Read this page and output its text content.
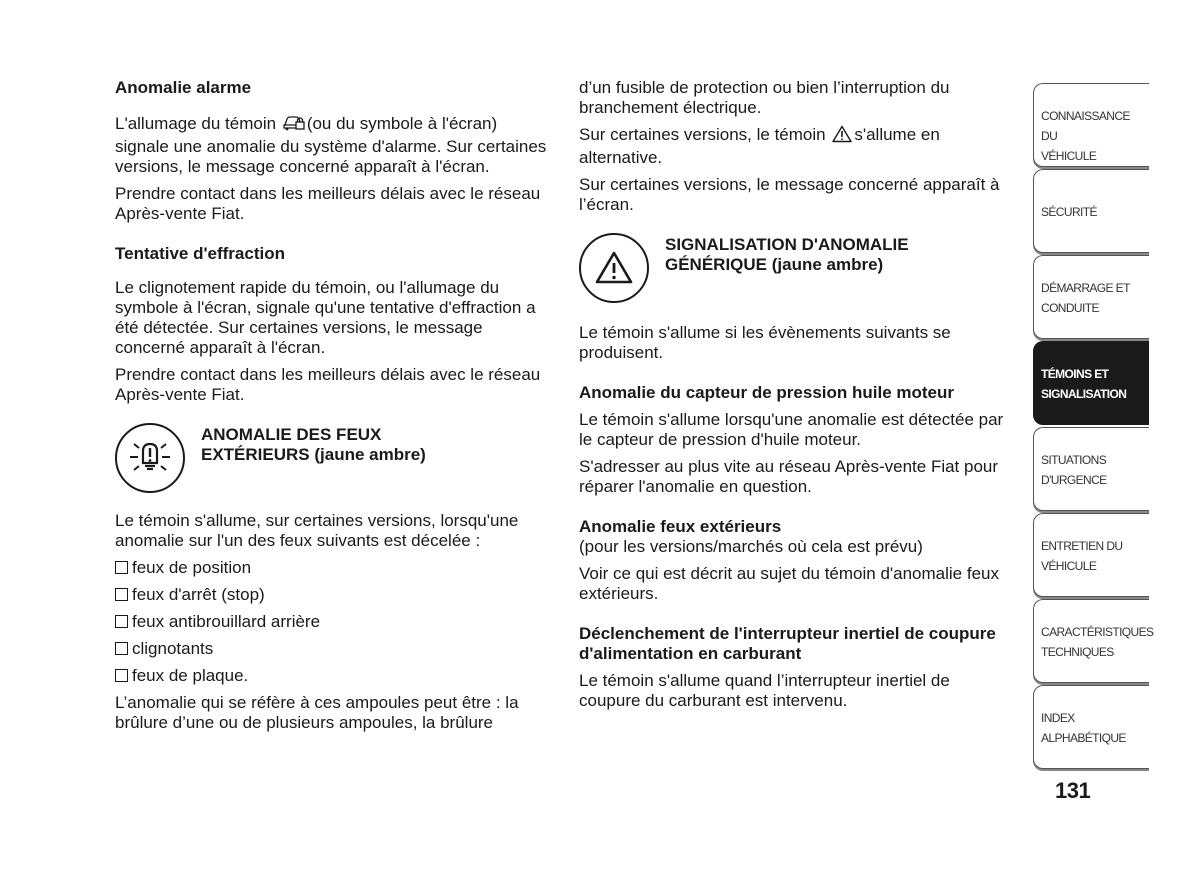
Anomalie alarme

L'allumage du témoin (ou du symbole à l'écran) signale une anomalie du système d'alarme. Sur certaines versions, le message concerné apparaît à l'écran.

Prendre contact dans les meilleurs délais avec le réseau Après-vente Fiat.

Tentative d'effraction

Le clignotement rapide du témoin, ou l'allumage du symbole à l'écran, signale qu'une tentative d'effraction a été détectée. Sur certaines versions, le message concerné apparaît à l'écran.

Prendre contact dans les meilleurs délais avec le réseau Après-vente Fiat.

ANOMALIE DES FEUX
EXTÉRIEURS (jaune ambre)

Le témoin s'allume, sur certaines versions, lorsqu'une anomalie sur l'un des feux suivants est décelée :

feux de position
feux d'arrêt (stop)
feux antibrouillard arrière
clignotants
feux de plaque.

L’anomalie qui se réfère à ces ampoules peut être : la brûlure d’une ou de plusieurs ampoules, la brûlure

d’un fusible de protection ou bien l’interruption du branchement électrique.

Sur certaines versions, le témoin s'allume en alternative.

Sur certaines versions, le message concerné apparaît à l’écran.

SIGNALISATION D'ANOMALIE
GÉNÉRIQUE (jaune ambre)

Le témoin s'allume si les évènements suivants se produisent.

Anomalie du capteur de pression huile moteur

Le témoin s'allume lorsqu'une anomalie est détectée par le capteur de pression d'huile moteur.

S'adresser au plus vite au réseau Après-vente Fiat pour réparer l'anomalie en question.

Anomalie feux extérieurs

(pour les versions/marchés où cela est prévu)

Voir ce qui est décrit au sujet du témoin d'anomalie feux extérieurs.

Déclenchement de l'interrupteur inertiel de coupure d'alimentation en carburant

Le témoin s'allume quand l’interrupteur inertiel de coupure du carburant est intervenu.

CONNAISSANCE DU
VÉHICULE
SÉCURITÉ
DÉMARRAGE ET
CONDUITE
TÉMOINS ET
SIGNALISATION
SITUATIONS
D'URGENCE
ENTRETIEN DU
VÉHICULE
CARACTÉRISTIQUES
TECHNIQUES
INDEX
ALPHABÉTIQUE
131
